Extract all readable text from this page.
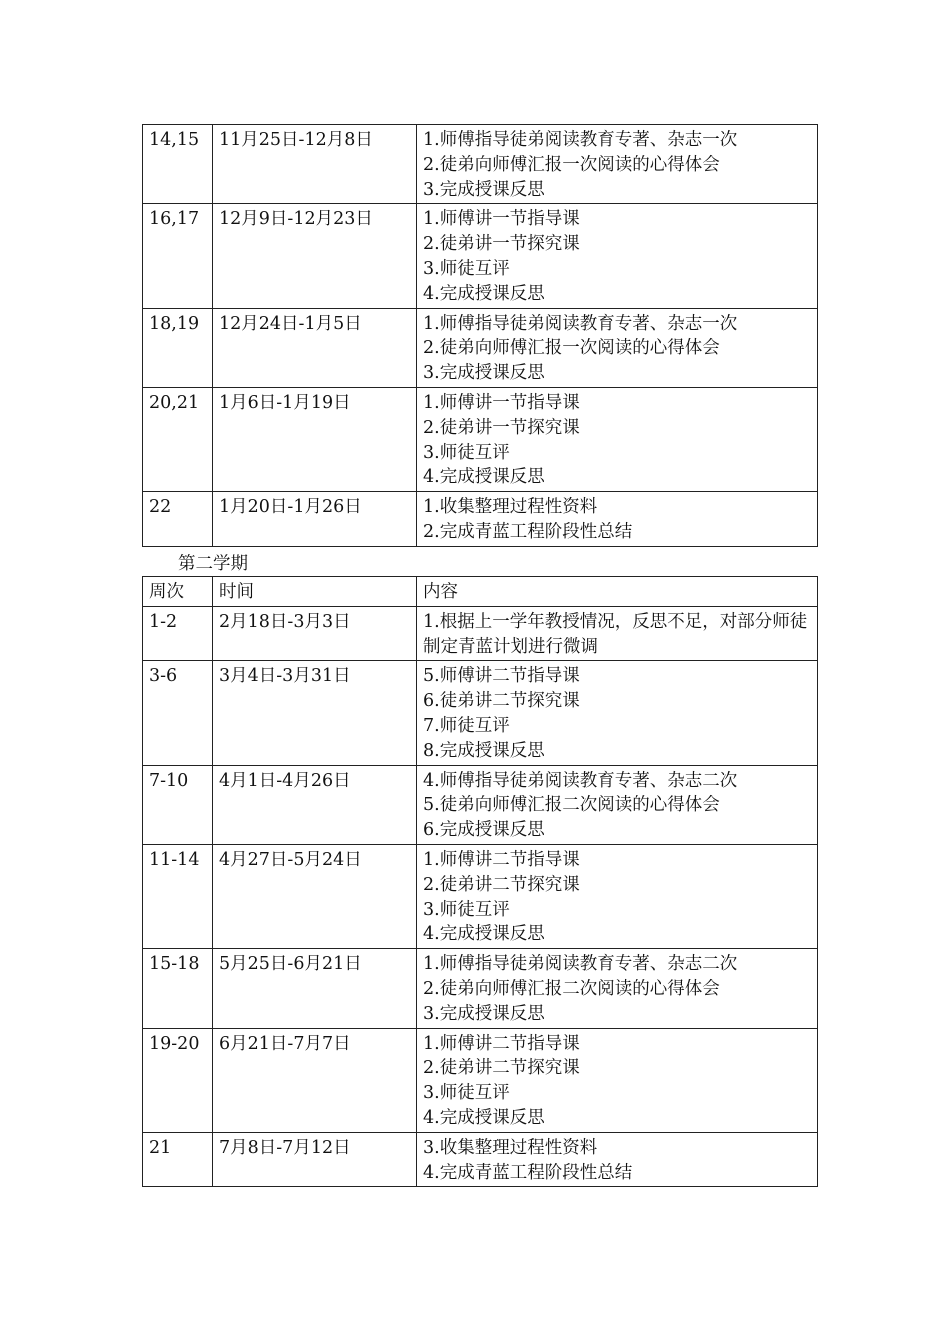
14,15	11月25日-12月8日	1.师傅指导徒弟阅读教育专著、杂志一次
2.徒弟向师傅汇报一次阅读的心得体会
3.完成授课反思

16,17	12月9日-12月23日	1.师傅讲一节指导课
2.徒弟讲一节探究课
3.师徒互评
4.完成授课反思

18,19	12月24日-1月5日	1.师傅指导徒弟阅读教育专著、杂志一次
2.徒弟向师傅汇报一次阅读的心得体会
3.完成授课反思

20,21	1月6日-1月19日	1.师傅讲一节指导课
2.徒弟讲一节探究课
3.师徒互评
4.完成授课反思

22	1月20日-1月26日	1.收集整理过程性资料
2.完成青蓝工程阶段性总结
第二学期
周次	时间	内容
1-2	2月18日-3月3日	1.根据上一学年教授情况，反思不足，对部分师徒制定青蓝计划进行微调

3-6	3月4日-3月31日	5.师傅讲二节指导课
6.徒弟讲二节探究课
7.师徒互评
8.完成授课反思

7-10	4月1日-4月26日	4.师傅指导徒弟阅读教育专著、杂志二次
5.徒弟向师傅汇报二次阅读的心得体会
6.完成授课反思

11-14	4月27日-5月24日	1.师傅讲二节指导课
2.徒弟讲二节探究课
3.师徒互评
4.完成授课反思

15-18	5月25日-6月21日	1.师傅指导徒弟阅读教育专著、杂志二次
2.徒弟向师傅汇报二次阅读的心得体会
3.完成授课反思

19-20	6月21日-7月7日	1.师傅讲二节指导课
2.徒弟讲二节探究课
3.师徒互评
4.完成授课反思

21	7月8日-7月12日	3.收集整理过程性资料
4.完成青蓝工程阶段性总结
